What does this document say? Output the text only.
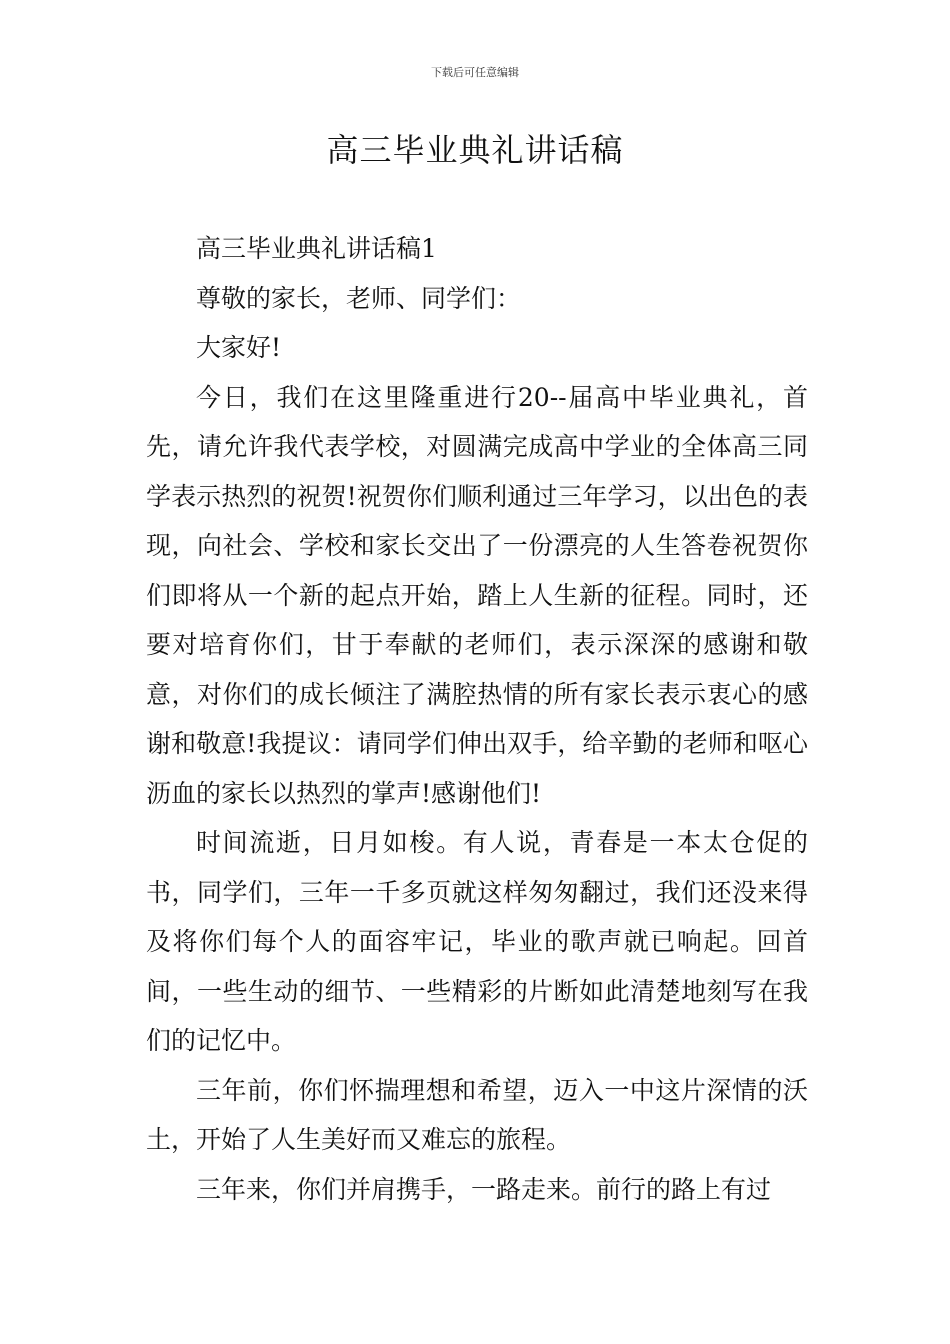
下载后可任意编辑
高三毕业典礼讲话稿

高三毕业典礼讲话稿1

尊敬的家长，老师、同学们：

大家好!

今日，我们在这里隆重进行20--届高中毕业典礼，首先，请允许我代表学校，对圆满完成高中学业的全体高三同学表示热烈的祝贺!祝贺你们顺利通过三年学习，以出色的表现，向社会、学校和家长交出了一份漂亮的人生答卷祝贺你们即将从一个新的起点开始，踏上人生新的征程。同时，还要对培育你们，甘于奉献的老师们，表示深深的感谢和敬意，对你们的成长倾注了满腔热情的所有家长表示衷心的感谢和敬意!我提议：请同学们伸出双手，给辛勤的老师和呕心沥血的家长以热烈的掌声!感谢他们!

时间流逝，日月如梭。有人说，青春是一本太仓促的书，同学们，三年一千多页就这样匆匆翻过，我们还没来得及将你们每个人的面容牢记，毕业的歌声就已响起。回首间，一些生动的细节、一些精彩的片断如此清楚地刻写在我们的记忆中。

三年前，你们怀揣理想和希望，迈入一中这片深情的沃土，开始了人生美好而又难忘的旅程。

三年来，你们并肩携手，一路走来。前行的路上有过
